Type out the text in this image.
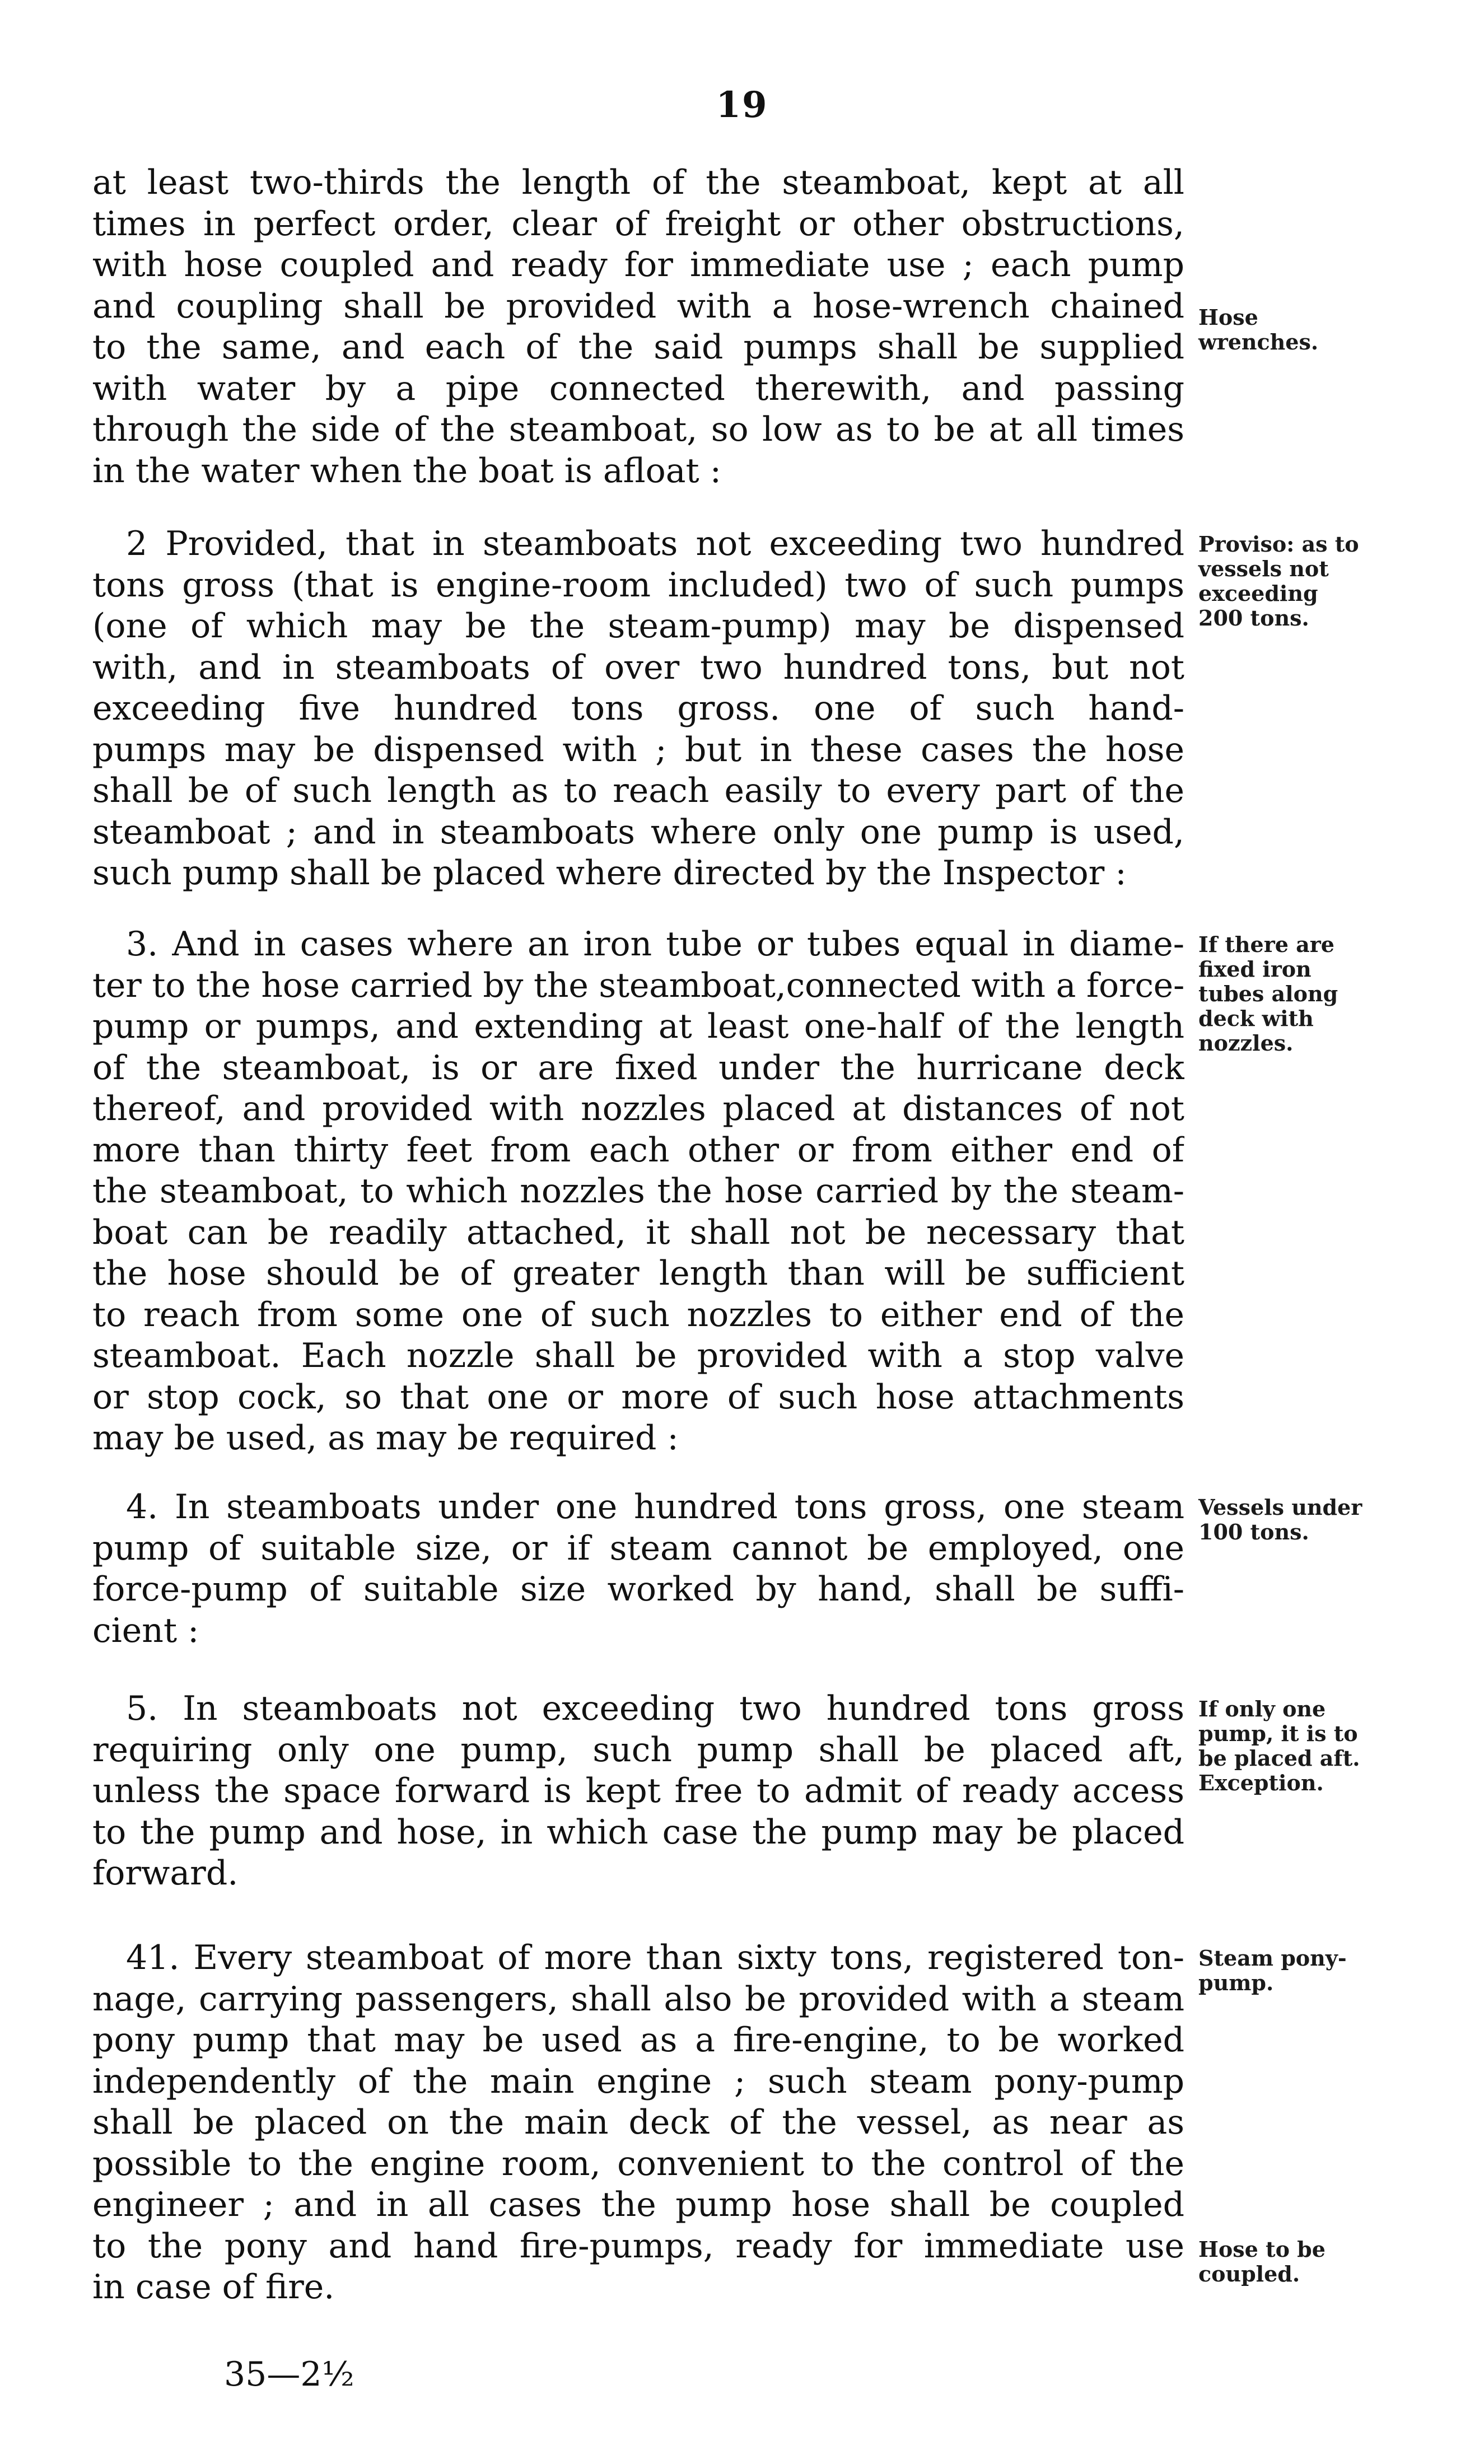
19
at least two-thirds the length of the steamboat, kept at all
times in perfect order, clear of freight or other obstructions,
with hose coupled and ready for immediate use ; each pump
and coupling shall be provided with a hose-wrench chained
to the same, and each of the said pumps shall be supplied
with water by a pipe connected therewith, and passing
through the side of the steamboat, so low as to be at all times
in the water when the boat is afloat :
2 Provided, that in steamboats not exceeding two hundred
tons gross (that is engine-room included) two of such pumps
(one of which may be the steam-pump) may be dispensed
with, and in steamboats of over two hundred tons, but not
exceeding five hundred tons gross. one of such hand-
pumps may be dispensed with ; but in these cases the hose
shall be of such length as to reach easily to every part of the
steamboat ; and in steamboats where only one pump is used,
such pump shall be placed where directed by the Inspector :
3. And in cases where an iron tube or tubes equal in diame-
ter to the hose carried by the steamboat,connected with a force-
pump or pumps, and extending at least one-half of the length
of the steamboat, is or are fixed under the hurricane deck
thereof, and provided with nozzles placed at distances of not
more than thirty feet from each other or from either end of
the steamboat, to which nozzles the hose carried by the steam-
boat can be readily attached, it shall not be necessary that
the hose should be of greater length than will be sufficient
to reach from some one of such nozzles to either end of the
steamboat. Each nozzle shall be provided with a stop valve
or stop cock, so that one or more of such hose attachments
may be used, as may be required :
4. In steamboats under one hundred tons gross, one steam
pump of suitable size, or if steam cannot be employed, one
force-pump of suitable size worked by hand, shall be suffi-
cient :
5. In steamboats not exceeding two hundred tons gross
requiring only one pump, such pump shall be placed aft,
unless the space forward is kept free to admit of ready access
to the pump and hose, in which case the pump may be placed
forward.
41. Every steamboat of more than sixty tons, registered ton-
nage, carrying passengers, shall also be provided with a steam
pony pump that may be used as a fire-engine, to be worked
independently of the main engine ; such steam pony-pump
shall be placed on the main deck of the vessel, as near as
possible to the engine room, convenient to the control of the
engineer ; and in all cases the pump hose shall be coupled
to the pony and hand fire-pumps, ready for immediate use
in case of fire.
35—2½
Hose
wrenches.
Proviso: as to
vessels not
exceeding
200 tons.
If there are
fixed iron
tubes along
deck with
nozzles.
Vessels under
100 tons.
If only one
pump, it is to
be placed aft.
Exception.
Steam pony-
pump.
Hose to be
coupled.
